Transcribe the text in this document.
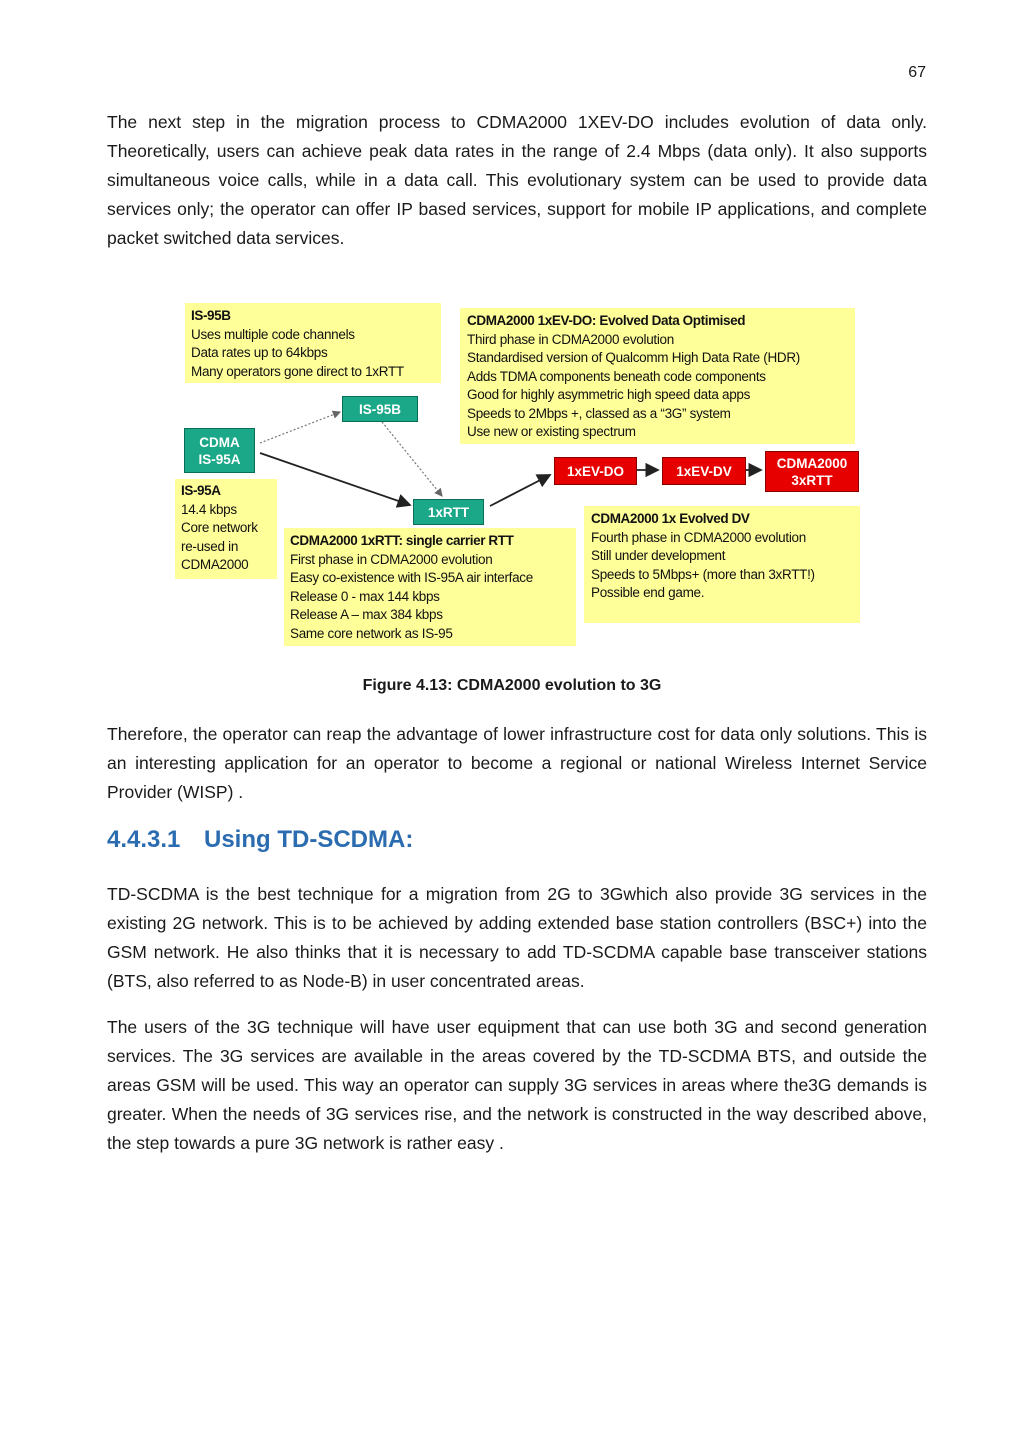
67

The next step in the migration process to CDMA2000 1XEV-DO includes evolution of data only. Theoretically, users can achieve peak data rates in the range of 2.4 Mbps (data only). It also supports simultaneous voice calls, while in a data call. This evolutionary system can be used to provide data services only; the operator can offer IP based services, support for mobile IP applications, and complete packet switched data services.

IS-95B
Uses multiple code channels
Data rates up to 64kbps
Many operators gone direct to 1xRTT
CDMA2000 1xEV-DO: Evolved Data Optimised
Third phase in CDMA2000 evolution
Standardised version of Qualcomm High Data Rate (HDR)
Adds TDMA components beneath code components
Good for highly asymmetric high speed data apps
Speeds to 2Mbps +, classed as a “3G” system
Use new or existing spectrum
IS-95A
14.4 kbps
Core network
re-used in
CDMA2000
CDMA2000 1xRTT: single carrier RTT
First phase in CDMA2000 evolution
Easy co-existence with IS-95A air interface
Release 0 - max 144 kbps
Release A – max 384 kbps
Same core network as IS-95
CDMA2000 1x Evolved DV
Fourth phase in CDMA2000 evolution
Still under development
Speeds to 5Mbps+ (more than 3xRTT!)
Possible end game.
CDMA
IS-95A
IS-95B
1xRTT
1xEV-DO	1xEV-DV
CDMA2000
3xRTT

Figure 4.13: CDMA2000 evolution to 3G

Therefore, the operator can reap the advantage of lower infrastructure cost for data only solutions. This is an interesting application for an operator to become a regional or national Wireless Internet Service Provider (WISP) .

4.4.3.1 Using TD-SCDMA:

TD-SCDMA is the best technique for a migration from 2G to 3Gwhich also provide 3G services in the existing 2G network. This is to be achieved by adding extended base station controllers (BSC+) into the GSM network. He also thinks that it is necessary to add TD-SCDMA capable base transceiver stations (BTS, also referred to as Node-B) in user concentrated areas.

The users of the 3G technique will have user equipment that can use both 3G and second generation services. The 3G services are available in the areas covered by the TD-SCDMA BTS, and outside the areas GSM will be used. This way an operator can supply 3G services in areas where the3G demands is greater. When the needs of 3G services rise, and the network is constructed in the way described above, the step towards a pure 3G network is rather easy .
